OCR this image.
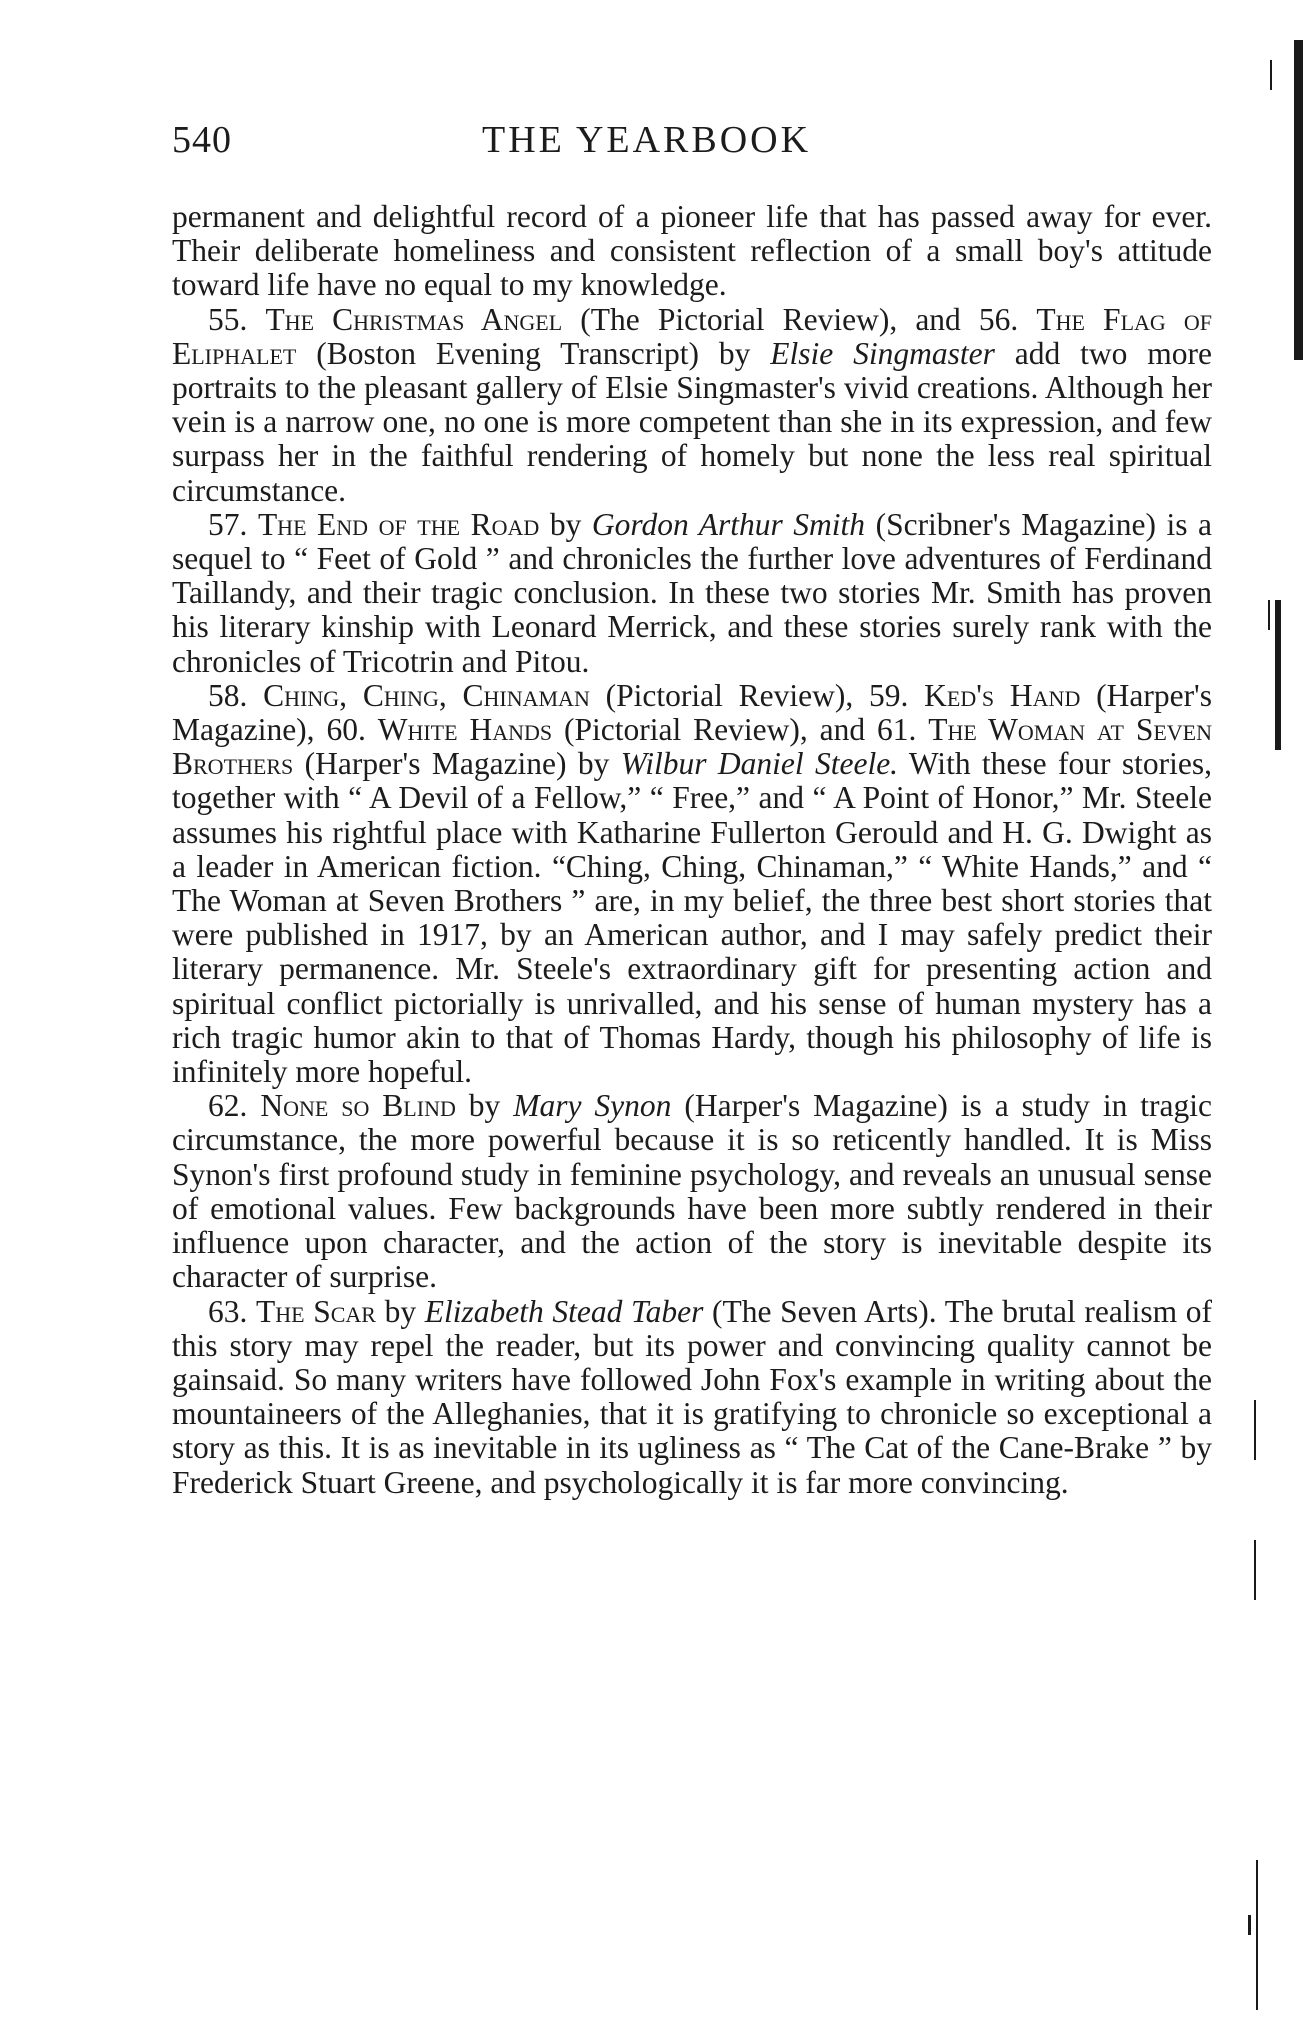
540	THE YEARBOOK

permanent and delightful record of a pioneer life that has passed away for ever. Their deliberate homeliness and consistent reflection of a small boy's attitude toward life have no equal to my knowledge.

55. The Christmas Angel (The Pictorial Review), and 56. The Flag of Eliphalet (Boston Evening Transcript) by Elsie Singmaster add two more portraits to the pleasant gallery of Elsie Singmaster's vivid creations. Although her vein is a narrow one, no one is more competent than she in its expression, and few surpass her in the faithful rendering of homely but none the less real spiritual circumstance.

57. The End of the Road by Gordon Arthur Smith (Scribner's Magazine) is a sequel to “ Feet of Gold ” and chronicles the further love adventures of Ferdinand Taillandy, and their tragic conclusion. In these two stories Mr. Smith has proven his literary kinship with Leonard Merrick, and these stories surely rank with the chronicles of Tricotrin and Pitou.

58. Ching, Ching, Chinaman (Pictorial Review), 59. Ked's Hand (Harper's Magazine), 60. White Hands (Pictorial Review), and 61. The Woman at Seven Brothers (Harper's Magazine) by Wilbur Daniel Steele. With these four stories, together with “ A Devil of a Fellow,” “ Free,” and “ A Point of Honor,” Mr. Steele assumes his rightful place with Katharine Fullerton Gerould and H. G. Dwight as a leader in American fiction. “Ching, Ching, Chinaman,” “ White Hands,” and “ The Woman at Seven Brothers ” are, in my belief, the three best short stories that were published in 1917, by an American author, and I may safely predict their literary permanence. Mr. Steele's extraordinary gift for presenting action and spiritual conflict pictorially is unrivalled, and his sense of human mystery has a rich tragic humor akin to that of Thomas Hardy, though his philosophy of life is infinitely more hopeful.

62. None so Blind by Mary Synon (Harper's Magazine) is a study in tragic circumstance, the more powerful because it is so reticently handled. It is Miss Synon's first profound study in feminine psychology, and reveals an unusual sense of emotional values. Few backgrounds have been more subtly rendered in their influence upon character, and the action of the story is inevitable despite its character of surprise.

63. The Scar by Elizabeth Stead Taber (The Seven Arts). The brutal realism of this story may repel the reader, but its power and convincing quality cannot be gainsaid. So many writers have followed John Fox's example in writing about the mountaineers of the Alleghanies, that it is gratifying to chronicle so exceptional a story as this. It is as inevitable in its ugliness as “ The Cat of the Cane-Brake ” by Frederick Stuart Greene, and psychologically it is far more convincing.
